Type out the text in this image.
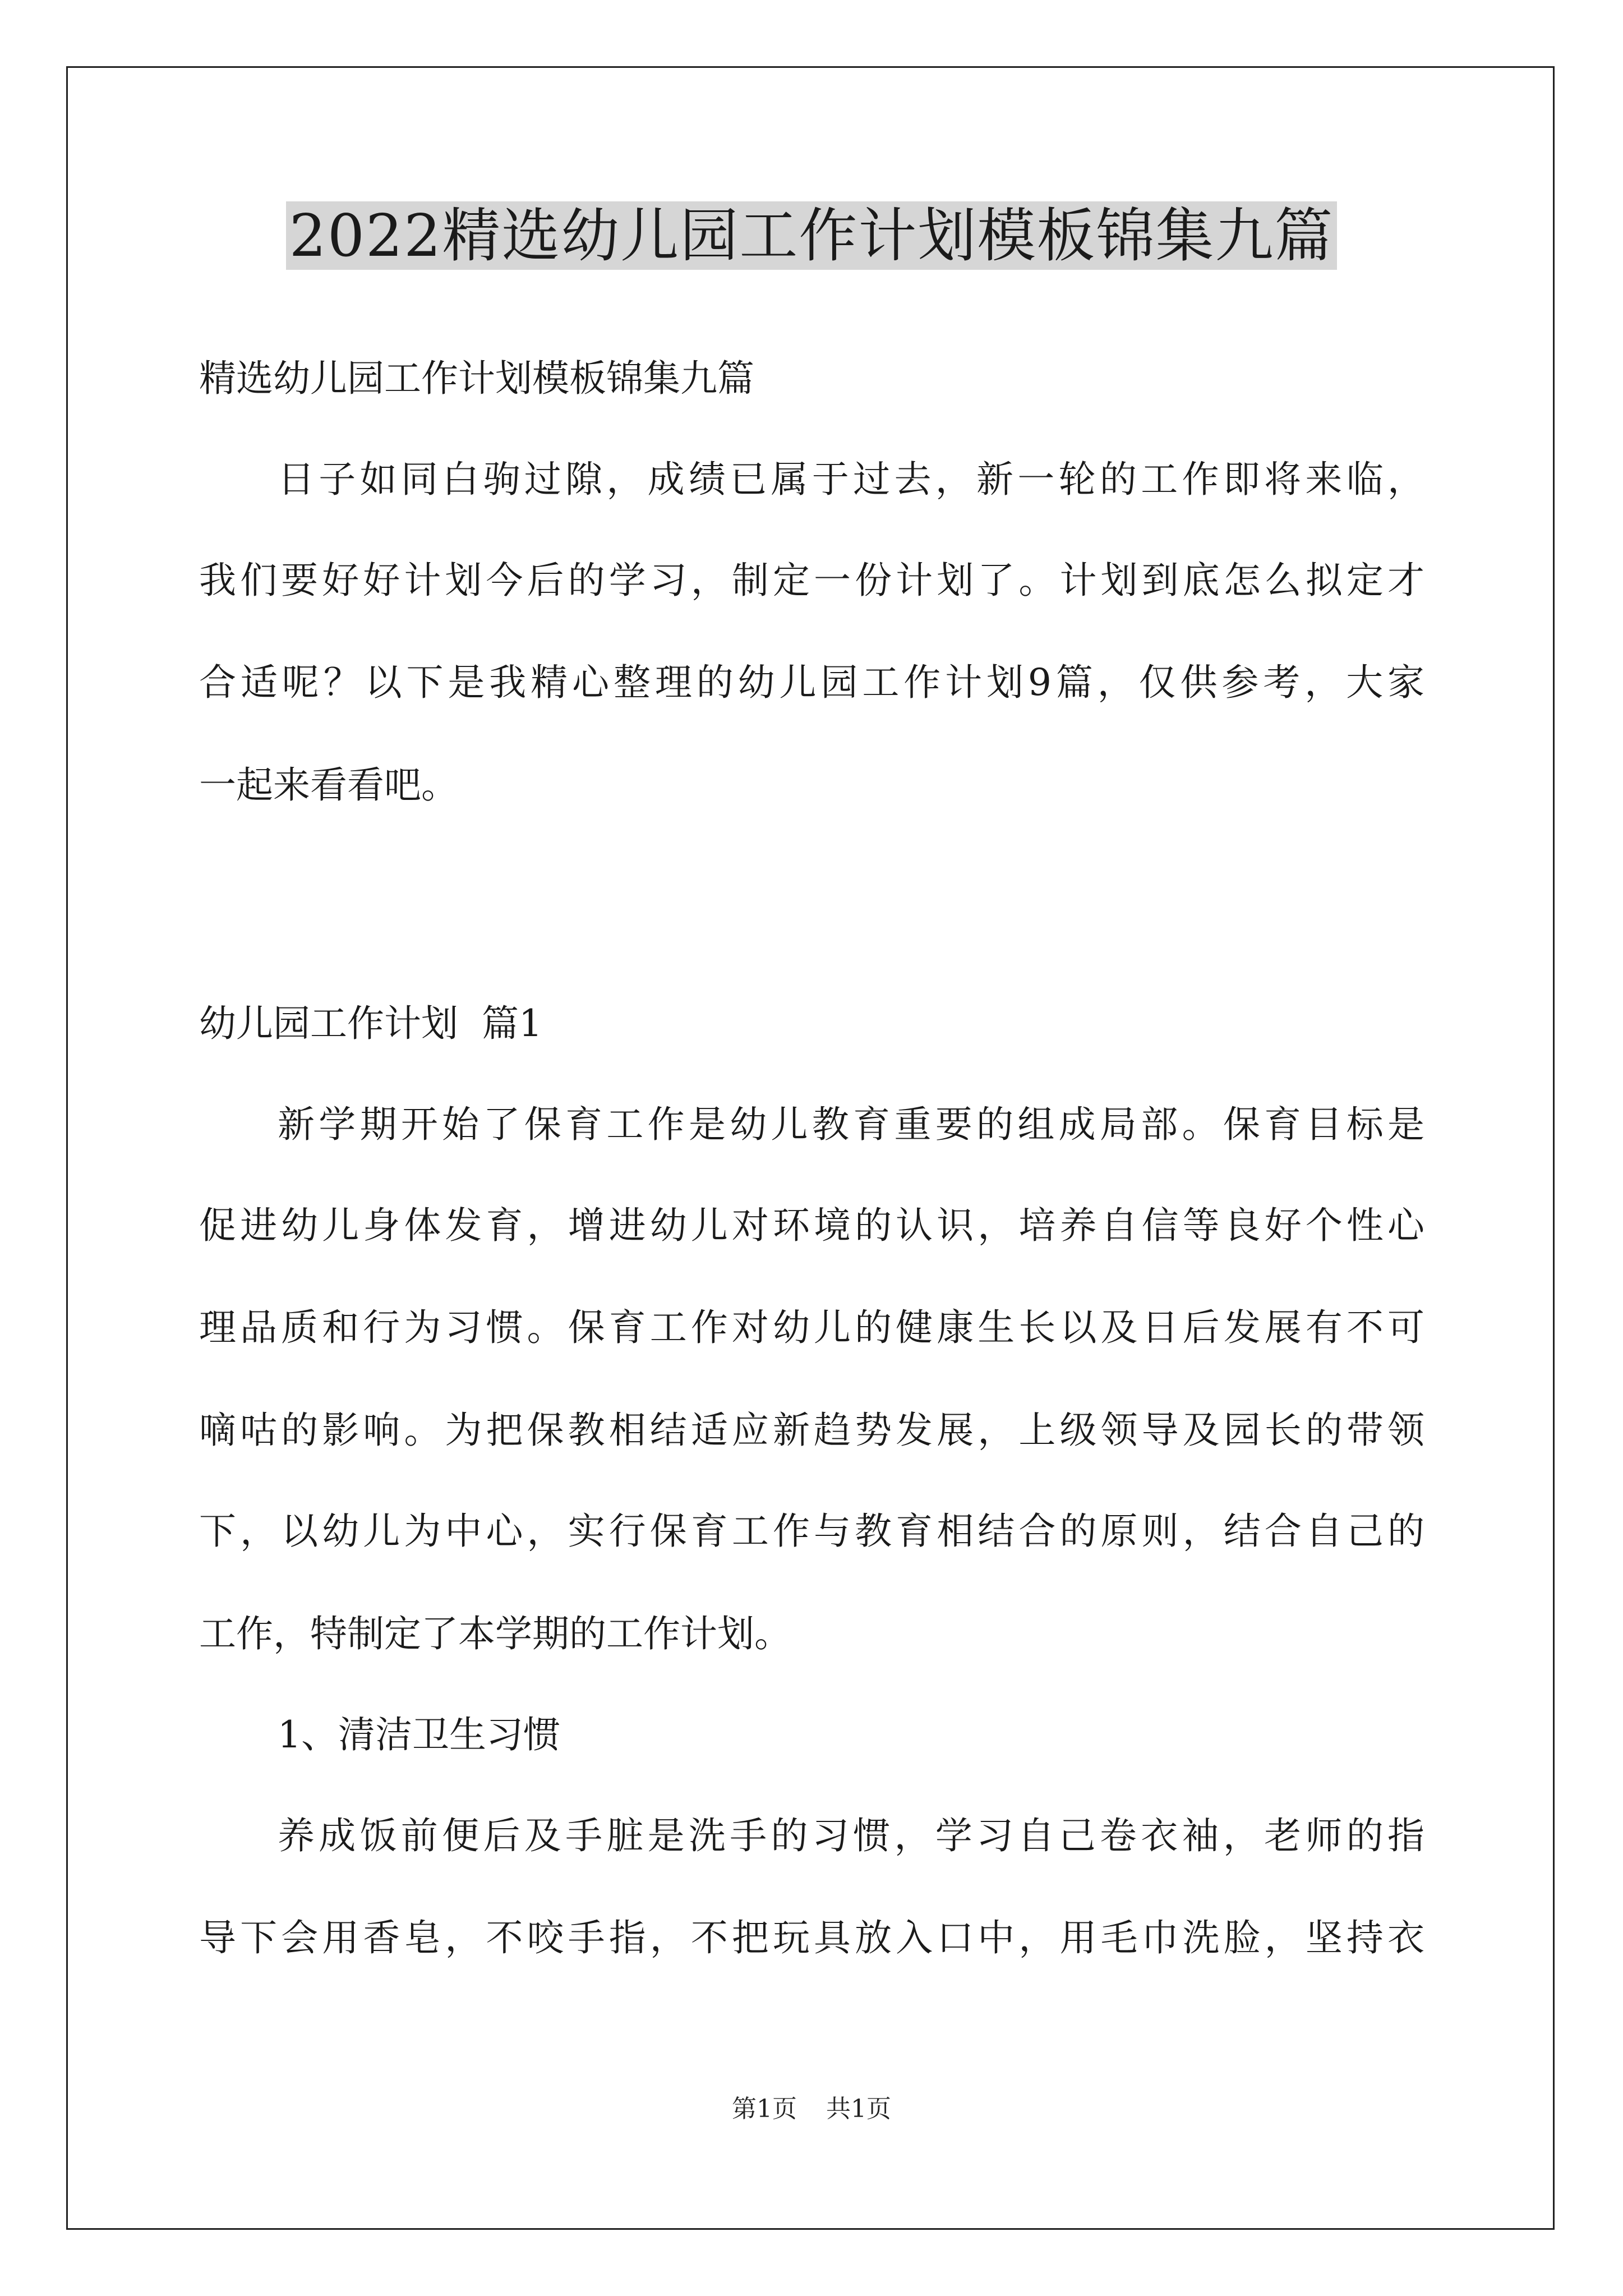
2022精选幼儿园工作计划模板锦集九篇
精选幼儿园工作计划模板锦集九篇
日子如同白驹过隙，成绩已属于过去，新一轮的工作即将来临，
我们要好好计划今后的学习，制定一份计划了。计划到底怎么拟定才
合适呢？以下是我精心整理的幼儿园工作计划9篇，仅供参考，大家
一起来看看吧。
幼儿园工作计划  篇1
新学期开始了保育工作是幼儿教育重要的组成局部。保育目标是
促进幼儿身体发育，增进幼儿对环境的认识，培养自信等良好个性心
理品质和行为习惯。保育工作对幼儿的健康生长以及日后发展有不可
嘀咕的影响。为把保教相结适应新趋势发展，上级领导及园长的带领
下，以幼儿为中心，实行保育工作与教育相结合的原则，结合自己的
工作，特制定了本学期的工作计划。
1、清洁卫生习惯
养成饭前便后及手脏是洗手的习惯，学习自己卷衣袖，老师的指
导下会用香皂，不咬手指，不把玩具放入口中，用毛巾洗脸，坚持衣
第1页 共1页
